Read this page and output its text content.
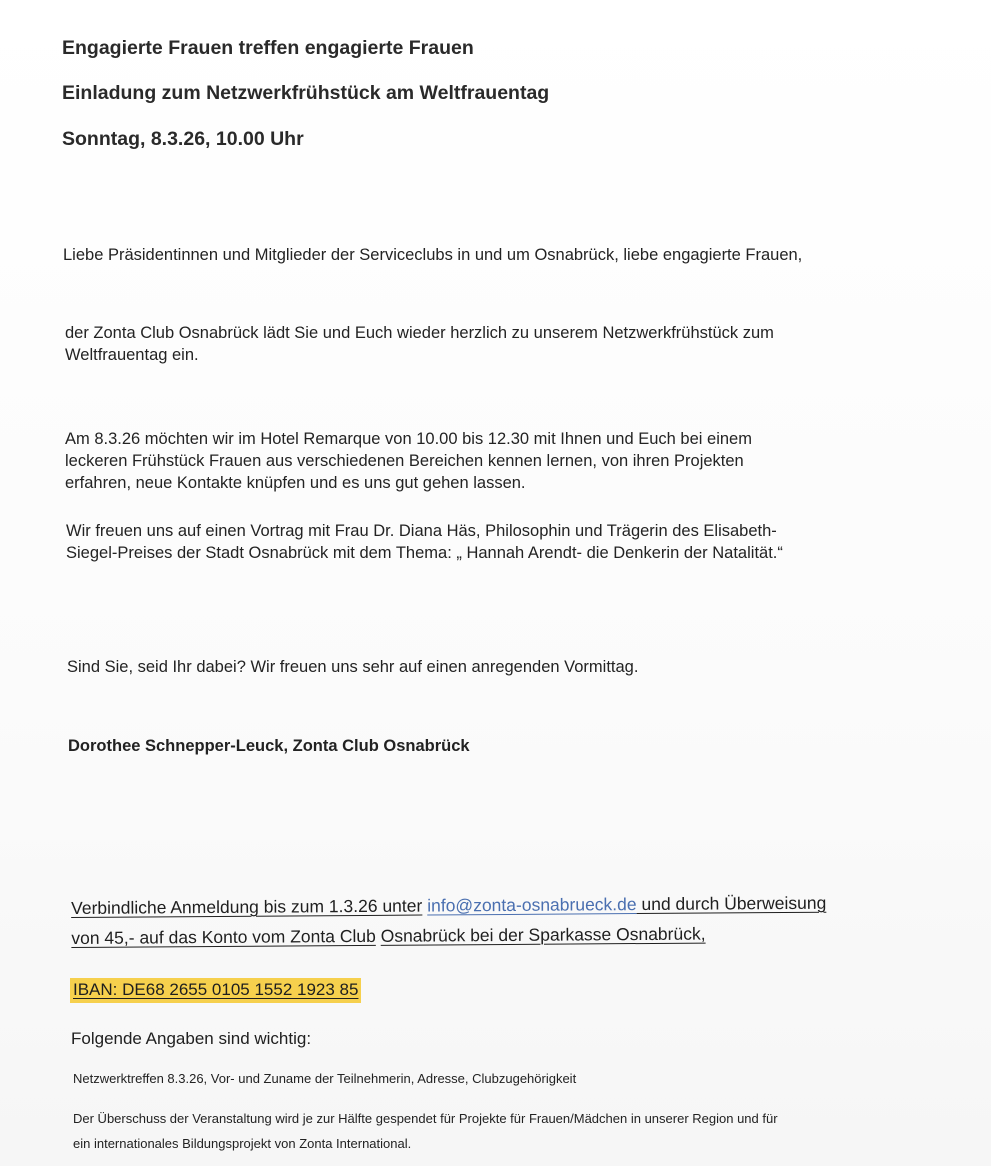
Engagierte Frauen treffen engagierte Frauen

Einladung zum Netzwerkfrühstück am Weltfrauentag

Sonntag, 8.3.26, 10.00 Uhr

Liebe Präsidentinnen und Mitglieder der Serviceclubs in und um Osnabrück, liebe engagierte Frauen,

der Zonta Club Osnabrück lädt Sie und Euch wieder herzlich zu unserem Netzwerkfrühstück zum
Weltfrauentag ein.
Am 8.3.26 möchten wir im Hotel Remarque von 10.00 bis 12.30 mit Ihnen und Euch bei einem
leckeren Frühstück Frauen aus verschiedenen Bereichen kennen lernen, von ihren Projekten
erfahren, neue Kontakte knüpfen und es uns gut gehen lassen.
Wir freuen uns auf einen Vortrag mit Frau Dr. Diana Häs, Philosophin und Trägerin des Elisabeth-
Siegel-Preises der Stadt Osnabrück mit dem Thema: „ Hannah Arendt- die Denkerin der Natalität.“

Sind Sie, seid Ihr dabei? Wir freuen uns sehr auf einen anregenden Vormittag.

Dorothee Schnepper-Leuck, Zonta Club Osnabrück

Verbindliche Anmeldung bis zum 1.3.26 unter info@zonta-osnabrueck.de und durch Überweisung
von 45,- auf das Konto vom Zonta Club Osnabrück bei der Sparkasse Osnabrück,

IBAN: DE68 2655 0105 1552 1923 85

Folgende Angaben sind wichtig:

Netzwerktreffen 8.3.26, Vor- und Zuname der Teilnehmerin, Adresse, Clubzugehörigkeit

Der Überschuss der Veranstaltung wird je zur Hälfte gespendet für Projekte für Frauen/Mädchen in unserer Region und für
ein internationales Bildungsprojekt von Zonta International.
